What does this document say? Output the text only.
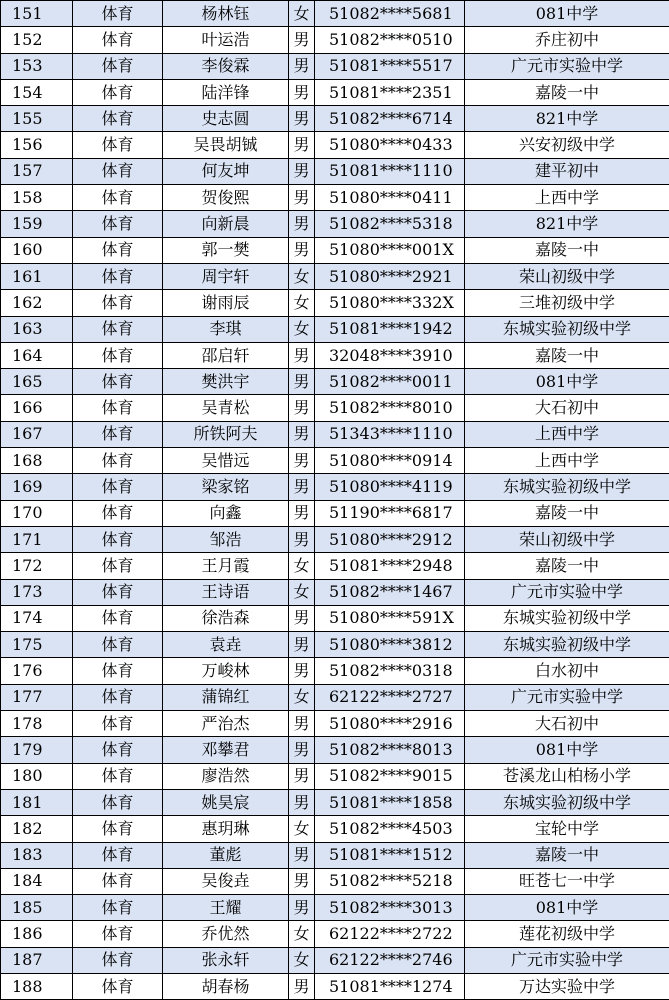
151	体育	杨林钰	女	51082****5681	081中学
152	体育	叶运浩	男	51082****0510	乔庄初中
153	体育	李俊霖	男	51081****5517	广元市实验中学
154	体育	陆洋锋	男	51081****2351	嘉陵一中
155	体育	史志圆	男	51082****6714	821中学
156	体育	吴畏胡铖	男	51080****0433	兴安初级中学
157	体育	何友坤	男	51081****1110	建平初中
158	体育	贺俊熙	男	51080****0411	上西中学
159	体育	向新晨	男	51082****5318	821中学
160	体育	郭一樊	男	51080****001X	嘉陵一中
161	体育	周宇轩	女	51080****2921	荣山初级中学
162	体育	谢雨辰	女	51080****332X	三堆初级中学
163	体育	李琪	女	51081****1942	东城实验初级中学
164	体育	邵启轩	男	32048****3910	嘉陵一中
165	体育	樊洪宇	男	51082****0011	081中学
166	体育	吴青松	男	51082****8010	大石初中
167	体育	所铁阿夫	男	51343****1110	上西中学
168	体育	吴惜远	男	51080****0914	上西中学
169	体育	梁家铭	男	51080****4119	东城实验初级中学
170	体育	向鑫	男	51190****6817	嘉陵一中
171	体育	邹浩	男	51080****2912	荣山初级中学
172	体育	王月霞	女	51081****2948	嘉陵一中
173	体育	王诗语	女	51082****1467	广元市实验中学
174	体育	徐浩森	男	51080****591X	东城实验初级中学
175	体育	袁垚	男	51080****3812	东城实验初级中学
176	体育	万峻林	男	51082****0318	白水初中
177	体育	蒲锦红	女	62122****2727	广元市实验中学
178	体育	严治杰	男	51080****2916	大石初中
179	体育	邓攀君	男	51082****8013	081中学
180	体育	廖浩然	男	51082****9015	苍溪龙山柏杨小学
181	体育	姚昊宸	男	51081****1858	东城实验初级中学
182	体育	惠玥琳	女	51082****4503	宝轮中学
183	体育	董彪	男	51081****1512	嘉陵一中
184	体育	吴俊垚	男	51082****5218	旺苍七一中学
185	体育	王耀	男	51082****3013	081中学
186	体育	乔优然	女	62122****2722	莲花初级中学
187	体育	张永轩	女	62122****2746	广元市实验中学
188	体育	胡春杨	男	51081****1274	万达实验中学
